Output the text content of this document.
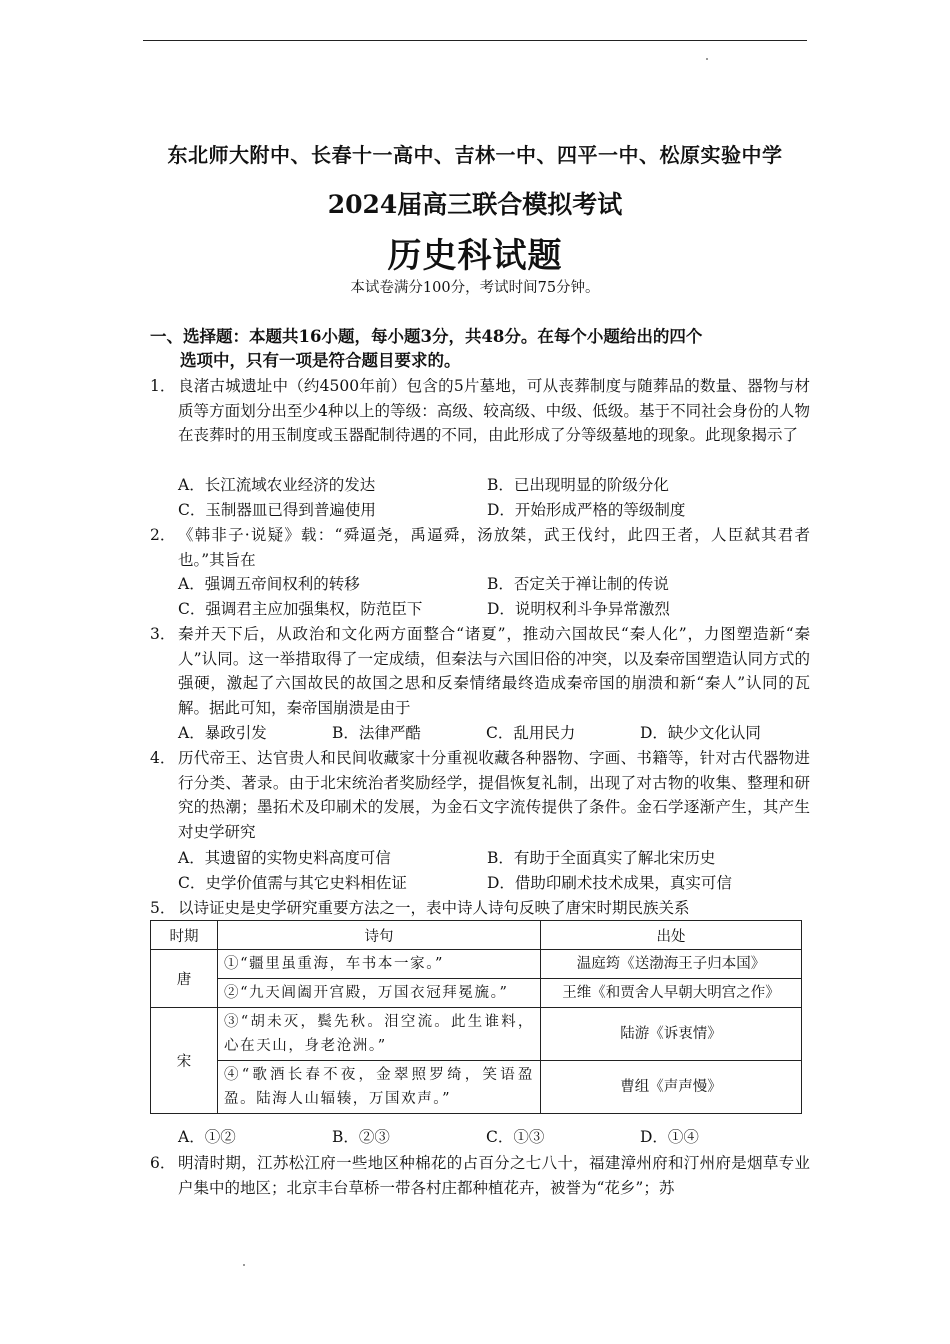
东北师大附中、长春十一高中、吉林一中、四平一中、松原实验中学
2024届高三联合模拟考试
历史科试题
本试卷满分100分，考试时间75分钟。
一、选择题：本题共16小题，每小题3分，共48分。在每个小题给出的四个
选项中，只有一项是符合题目要求的。
1． 良渚古城遗址中（约4500年前）包含的5片墓地，可从丧葬制度与随葬品的数量、器物与材质等方面划分出至少4种以上的等级：高级、较高级、中级、低级。基于不同社会身份的人物在丧葬时的用玉制度或玉器配制待遇的不同，由此形成了分等级墓地的现象。此现象揭示了
A．长江流域农业经济的发达	B．已出现明显的阶级分化
C．玉制器皿已得到普遍使用	D．开始形成严格的等级制度
2． 《韩非子·说疑》载：“舜逼尧，禹逼舜，汤放桀，武王伐纣，此四王者，人臣弑其君者也。”其旨在
A．强调五帝间权利的转移	B．否定关于禅让制的传说
C．强调君主应加强集权，防范臣下	D．说明权利斗争异常激烈
3． 秦并天下后，从政治和文化两方面整合“诸夏”，推动六国故民“秦人化”，力图塑造新“秦人”认同。这一举措取得了一定成绩，但秦法与六国旧俗的冲突，以及秦帝国塑造认同方式的强硬，激起了六国故民的故国之思和反秦情绪最终造成秦帝国的崩溃和新“秦人”认同的瓦解。据此可知，秦帝国崩溃是由于
A．暴政引发	B．法律严酷	C．乱用民力	D．缺少文化认同
4． 历代帝王、达官贵人和民间收藏家十分重视收藏各种器物、字画、书籍等，针对古代器物进行分类、著录。由于北宋统治者奖励经学，提倡恢复礼制，出现了对古物的收集、整理和研究的热潮；墨拓术及印刷术的发展，为金石文字流传提供了条件。金石学逐渐产生，其产生对史学研究
A．其遗留的实物史料高度可信	B．有助于全面真实了解北宋历史
C．史学价值需与其它史料相佐证	D．借助印刷术技术成果，真实可信
5． 以诗证史是史学研究重要方法之一，表中诗人诗句反映了唐宋时期民族关系
时期	诗句	出处
唐	①“疆里虽重海，车书本一家。”	温庭筠《送渤海王子归本国》
	②“九天阊阖开宫殿，万国衣冠拜冕旒。”	王维《和贾舍人早朝大明宫之作》
宋	③“胡未灭，鬓先秋。泪空流。此生谁料，心在天山，身老沧洲。”	陆游《诉衷情》
	④“歌酒长春不夜，金翠照罗绮，笑语盈盈。陆海人山辐辏，万国欢声。”	曹组《声声慢》
A．①②	B．②③	C．①③	D．①④
6． 明清时期，江苏松江府一些地区种棉花的占百分之七八十，福建漳州府和汀州府是烟草专业户集中的地区；北京丰台草桥一带各村庄都种植花卉，被誉为“花乡”；苏
